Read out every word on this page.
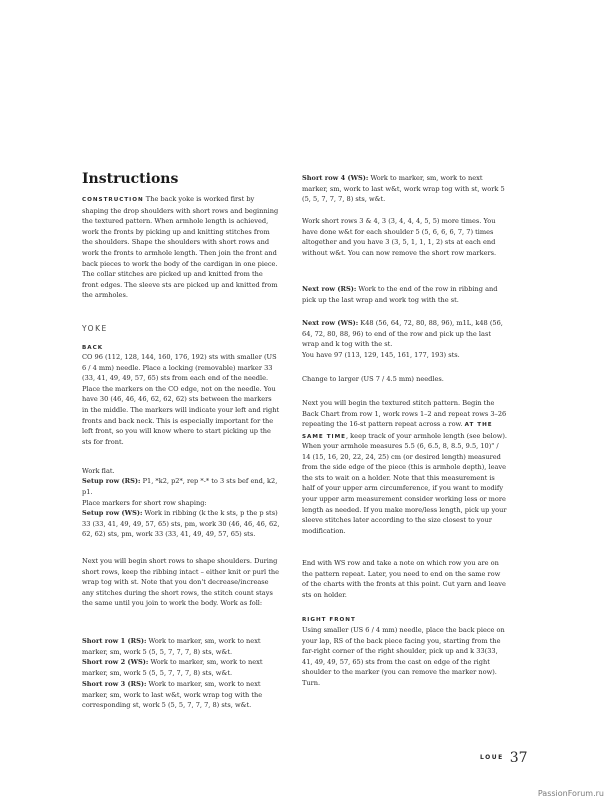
Instructions

CONSTRUCTION The back yoke is worked first by shaping the drop shoulders with short rows and beginning the textured pattern. When armhole length is achieved, work the fronts by picking up and knitting stitches from the shoulders. Shape the shoulders with short rows and work the fronts to armhole length. Then join the front and back pieces to work the body of the cardigan in one piece. The collar stitches are picked up and knitted from the front edges. The sleeve sts are picked up and knitted from the armholes.

YOKE
BACK

CO 96 (112, 128, 144, 160, 176, 192) sts with smaller (US 6 / 4 mm) needle. Place a locking (removable) marker 33 (33, 41, 49, 49, 57, 65) sts from each end of the needle. Place the markers on the CO edge, not on the needle. You have 30 (46, 46, 46, 62, 62, 62) sts between the markers in the middle. The markers will indicate your left and right fronts and back neck. This is especially important for the left front, so you will know where to start picking up the sts for front.

Work flat.

Setup row (RS): P1, *k2, p2*, rep *-* to 3 sts bef end, k2, p1.

Place markers for short row shaping:

Setup row (WS): Work in ribbing (k the k sts, p the p sts) 33 (33, 41, 49, 49, 57, 65) sts, pm, work 30 (46, 46, 46, 62, 62, 62) sts, pm, work 33 (33, 41, 49, 49, 57, 65) sts.

Next you will begin short rows to shape shoulders. During short rows, keep the ribbing intact – either knit or purl the wrap tog with st. Note that you don't decrease/increase any stitches during the short rows, the stitch count stays the same until you join to work the body. Work as foll:

Short row 1 (RS): Work to marker, sm, work to next marker, sm, work 5 (5, 5, 7, 7, 7, 8) sts, w&t.

Short row 2 (WS): Work to marker, sm, work to next marker, sm, work 5 (5, 5, 7, 7, 7, 8) sts, w&t.

Short row 3 (RS): Work to marker, sm, work to next marker, sm, work to last w&t, work wrap tog with the corresponding st, work 5 (5, 5, 7, 7, 7, 8) sts, w&t.

Short row 4 (WS): Work to marker, sm, work to next marker, sm, work to last w&t, work wrap tog with st, work 5 (5, 5, 7, 7, 7, 8) sts, w&t.

Work short rows 3 & 4, 3 (3, 4, 4, 4, 5, 5) more times. You have done w&t for each shoulder 5 (5, 6, 6, 6, 7, 7) times altogether and you have 3 (3, 5, 1, 1, 1, 2) sts at each end without w&t. You can now remove the short row markers.

Next row (RS): Work to the end of the row in ribbing and pick up the last wrap and work tog with the st.

Next row (WS): K48 (56, 64, 72, 80, 88, 96), m1L, k48 (56, 64, 72, 80, 88, 96) to end of the row and pick up the last wrap and k tog with the st.

You have 97 (113, 129, 145, 161, 177, 193) sts.

Change to larger (US 7 / 4.5 mm) needles.

Next you will begin the textured stitch pattern. Begin the Back Chart from row 1, work rows 1–2 and repeat rows 3–26 repeating the 16-st pattern repeat across a row. AT THE SAME TIME, keep track of your armhole length (see below).

When your armhole measures 5.5 (6, 6.5, 8, 8.5, 9.5, 10)" / 14 (15, 16, 20, 22, 24, 25) cm (or desired length) measured from the side edge of the piece (this is armhole depth), leave the sts to wait on a holder. Note that this measurement is half of your upper arm circumference, if you want to modify your upper arm measurement consider working less or more length as needed. If you make more/less length, pick up your sleeve stitches later according to the size closest to your modification.

End with WS row and take a note on which row you are on the pattern repeat. Later, you need to end on the same row of the charts with the fronts at this point. Cut yarn and leave sts on holder.

RIGHT FRONT

Using smaller (US 6 / 4 mm) needle, place the back piece on your lap, RS of the back piece facing you, starting from the far-right corner of the right shoulder, pick up and k 33(33, 41, 49, 49, 57, 65) sts from the cast on edge of the right shoulder to the marker (you can remove the marker now). Turn.

LOUE 37
PassionForum.ru
